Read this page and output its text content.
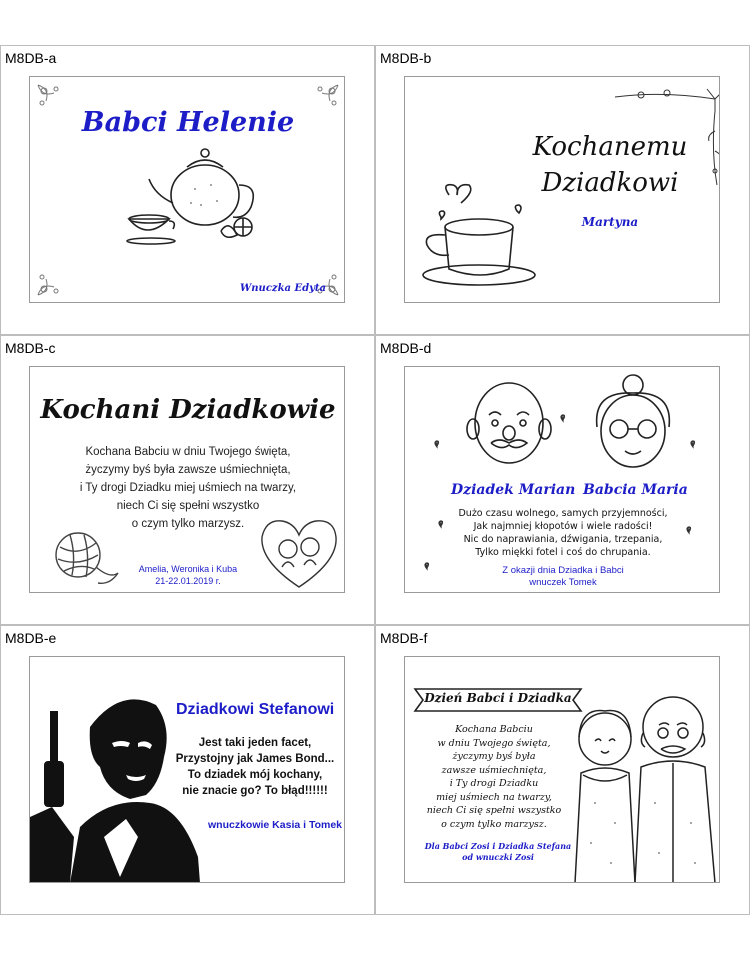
M8DB-a
Babci Helenie
Wnuczka Edyta
M8DB-b
Kochanemu
Dziadkowi
Martyna
M8DB-c
Kochani Dziadkowie
Kochana Babciu w dniu Twojego święta,
życzymy byś była zawsze uśmiechnięta,
i Ty drogi Dziadku miej uśmiech na twarzy,
niech Ci się spełni wszystko
o czym tylko marzysz.
Amelia, Weronika i Kuba
21-22.01.2019 r.
M8DB-d
Dziadek Marian Babcia Maria
Dużo czasu wolnego, samych przyjemności,
Jak najmniej kłopotów i wiele radości!
Nic do naprawiania, dźwigania, trzepania,
Tylko miękki fotel i coś do chrupania.
Z okazji dnia Dziadka i Babci
wnuczek Tomek
M8DB-e
Dziadkowi Stefanowi
Jest taki jeden facet,
Przystojny jak James Bond...
To dziadek mój kochany,
nie znacie go? To błąd!!!!!!
wnuczkowie Kasia i Tomek
M8DB-f
Dzień Babci i Dziadka
Kochana Babciu
w dniu Twojego święta,
życzymy byś była
zawsze uśmiechnięta,
i Ty drogi Dziadku
miej uśmiech na twarzy,
niech Ci się spełni wszystko
o czym tylko marzysz.
Dla Babci Zosi i Dziadka Stefana
od wnuczki Zosi
